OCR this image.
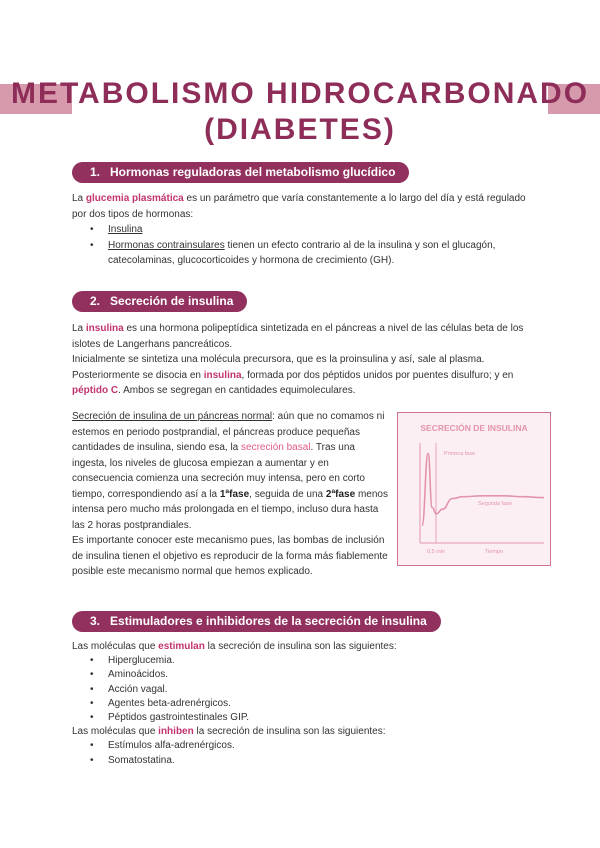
METABOLISMO HIDROCARBONADO
(DIABETES)
1. Hormonas reguladoras del metabolismo glucídico
La glucemia plasmática es un parámetro que varía constantemente a lo largo del día y está regulado por dos tipos de hormonas:
• Insulina
• Hormonas contrainsulares tienen un efecto contrario al de la insulina y son el glucagón, catecolaminas, glucocorticoides y hormona de crecimiento (GH).
2. Secreción de insulina
La insulina es una hormona polipeptídica sintetizada en el páncreas a nivel de las células beta de los islotes de Langerhans pancreáticos.
Inicialmente se sintetiza una molécula precursora, que es la proinsulina y así, sale al plasma.
Posteriormente se disocia en insulina, formada por dos péptidos unidos por puentes disulfuro; y en péptido C. Ambos se segregan en cantidades equimoleculares.
Secreción de insulina de un páncreas normal: aún que no comamos ni estemos en periodo postprandial, el páncreas produce pequeñas cantidades de insulina, siendo esa, la secreción basal. Tras una ingesta, los niveles de glucosa empiezan a aumentar y en consecuencia comienza una secreción muy intensa, pero en corto tiempo, correspondiendo así a la 1ªfase, seguida de una 2ªfase menos intensa pero mucho más prolongada en el tiempo, incluso dura hasta las 2 horas postprandiales.
Es importante conocer este mecanismo pues, las bombas de inclusión de insulina tienen el objetivo es reproducir de la forma más fiablemente posible este mecanismo normal que hemos explicado.
SECRECIÓN DE INSULINA
Primera fase
Segunda fase
0,5 min	Tiempo
3. Estimuladores e inhibidores de la secreción de insulina
Las moléculas que estimulan la secreción de insulina son las siguientes:
• Hiperglucemia.
• Aminoácidos.
• Acción vagal.
• Agentes beta-adrenérgicos.
• Péptidos gastrointestinales GIP.
Las moléculas que inhiben la secreción de insulina son las siguientes:
• Estímulos alfa-adrenérgicos.
• Somatostatina.
